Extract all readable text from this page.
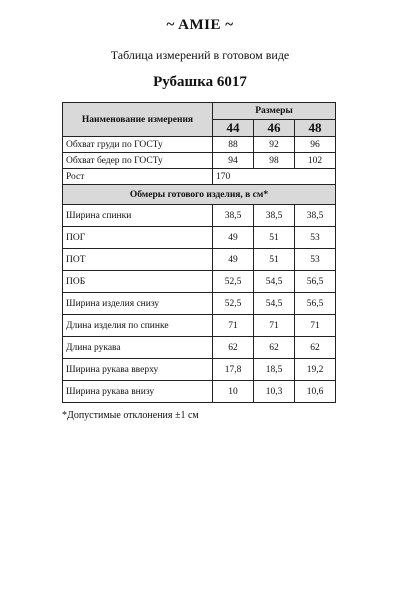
~ AMIE ~
Таблица измерений в готовом виде
Рубашка 6017
Наименование измерения	Размеры		
	44	46	48
Обхват груди по ГОСТу	88	92	96
Обхват бедер по ГОСТу	94	98	102
Рост	170		
Обмеры готового изделия, в см*			
Ширина спинки	38,5	38,5	38,5
ПОГ	49	51	53
ПОТ	49	51	53
ПОБ	52,5	54,5	56,5
Ширина изделия снизу	52,5	54,5	56,5
Длина изделия по спинке	71	71	71
Длина рукава	62	62	62
Ширина рукава вверху	17,8	18,5	19,2
Ширина рукава внизу	10	10,3	10,6
*Допустимые отклонения ±1 см
